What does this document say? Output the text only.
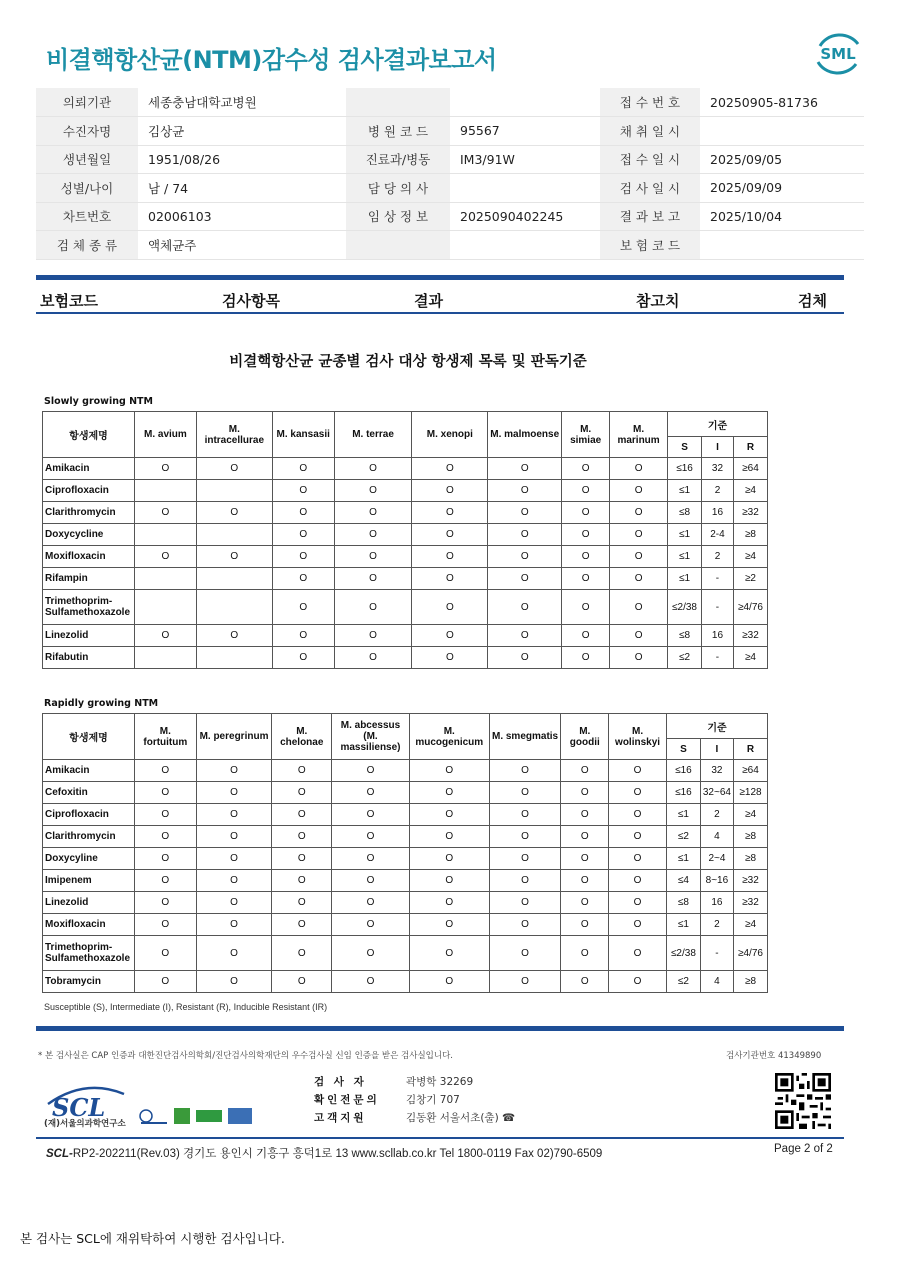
비결핵항산균(NTM)감수성 검사결과보고서	SML
의뢰기관	세종충남대학교병원			접 수 번 호	20250905-81736
수진자명	김상균	병 원 코 드	95567	채 취 일 시	
생년월일	1951/08/26	진료과/병동	IM3/91W	접 수 일 시	2025/09/05
성별/나이	남 / 74	담 당 의 사		검 사 일 시	2025/09/09
차트번호	02006103	임 상 정 보	2025090402245	결 과 보 고	2025/10/04
검 체 종 류	액체균주			보 험 코 드	
보험코드	검사항목	결과	참고치	검체
비결핵항산균 균종별 검사 대상 항생제 목록 및 판독기준
Slowly growing NTM
항생제명	M. avium	M. intracellurae	M. kansasii	M. terrae	M. xenopi	M. malmoense	M. simiae	M. marinum	기준		
									S	I	R
Amikacin	O	O	O	O	O	O	O	O	≤16	32	≥64
Ciprofloxacin			O	O	O	O	O	O	≤1	2	≥4
Clarithromycin	O	O	O	O	O	O	O	O	≤8	16	≥32
Doxycycline			O	O	O	O	O	O	≤1	2-4	≥8
Moxifloxacin	O	O	O	O	O	O	O	O	≤1	2	≥4
Rifampin			O	O	O	O	O	O	≤1	-	≥2
Trimethoprim-
Sulfamethoxazole			O	O	O	O	O	O	≤2/38	-	≥4/76
Linezolid	O	O	O	O	O	O	O	O	≤8	16	≥32
Rifabutin			O	O	O	O	O	O	≤2	-	≥4
Rapidly growing NTM
항생제명	M. fortuitum	M. peregrinum	M. chelonae	M. abcessus
(M. massiliense)	M. mucogenicum	M. smegmatis	M. goodii	M. wolinskyi	기준		
									S	I	R
Amikacin	O	O	O	O	O	O	O	O	≤16	32	≥64
Cefoxitin	O	O	O	O	O	O	O	O	≤16	32~64	≥128
Ciprofloxacin	O	O	O	O	O	O	O	O	≤1	2	≥4
Clarithromycin	O	O	O	O	O	O	O	O	≤2	4	≥8
Doxycyline	O	O	O	O	O	O	O	O	≤1	2~4	≥8
Imipenem	O	O	O	O	O	O	O	O	≤4	8~16	≥32
Linezolid	O	O	O	O	O	O	O	O	≤8	16	≥32
Moxifloxacin	O	O	O	O	O	O	O	O	≤1	2	≥4
Trimethoprim-
Sulfamethoxazole	O	O	O	O	O	O	O	O	≤2/38	-	≥4/76
Tobramycin	O	O	O	O	O	O	O	O	≤2	4	≥8
Susceptible (S), Intermediate (I), Resistant (R), Inducible Resistant (IR)
* 본 검사실은 CAP 인증과 대한진단검사의학회/진단검사의학재단의 우수검사실 신임 인증을 받은 검사실입니다.	검사기관번호 41349890
SCL
(재)서울의과학연구소
검 사 자	곽병학 32269
확인전문의	김창기 707
고객지원	김동환 서울서초(출) ☎
SCL-RP2-202211(Rev.03) 경기도 용인시 기흥구 흥덕1로 13 www.scllab.co.kr Tel 1800-0119 Fax 02)790-6509	Page 2 of 2
본 검사는 SCL에 재위탁하여 시행한 검사입니다.
